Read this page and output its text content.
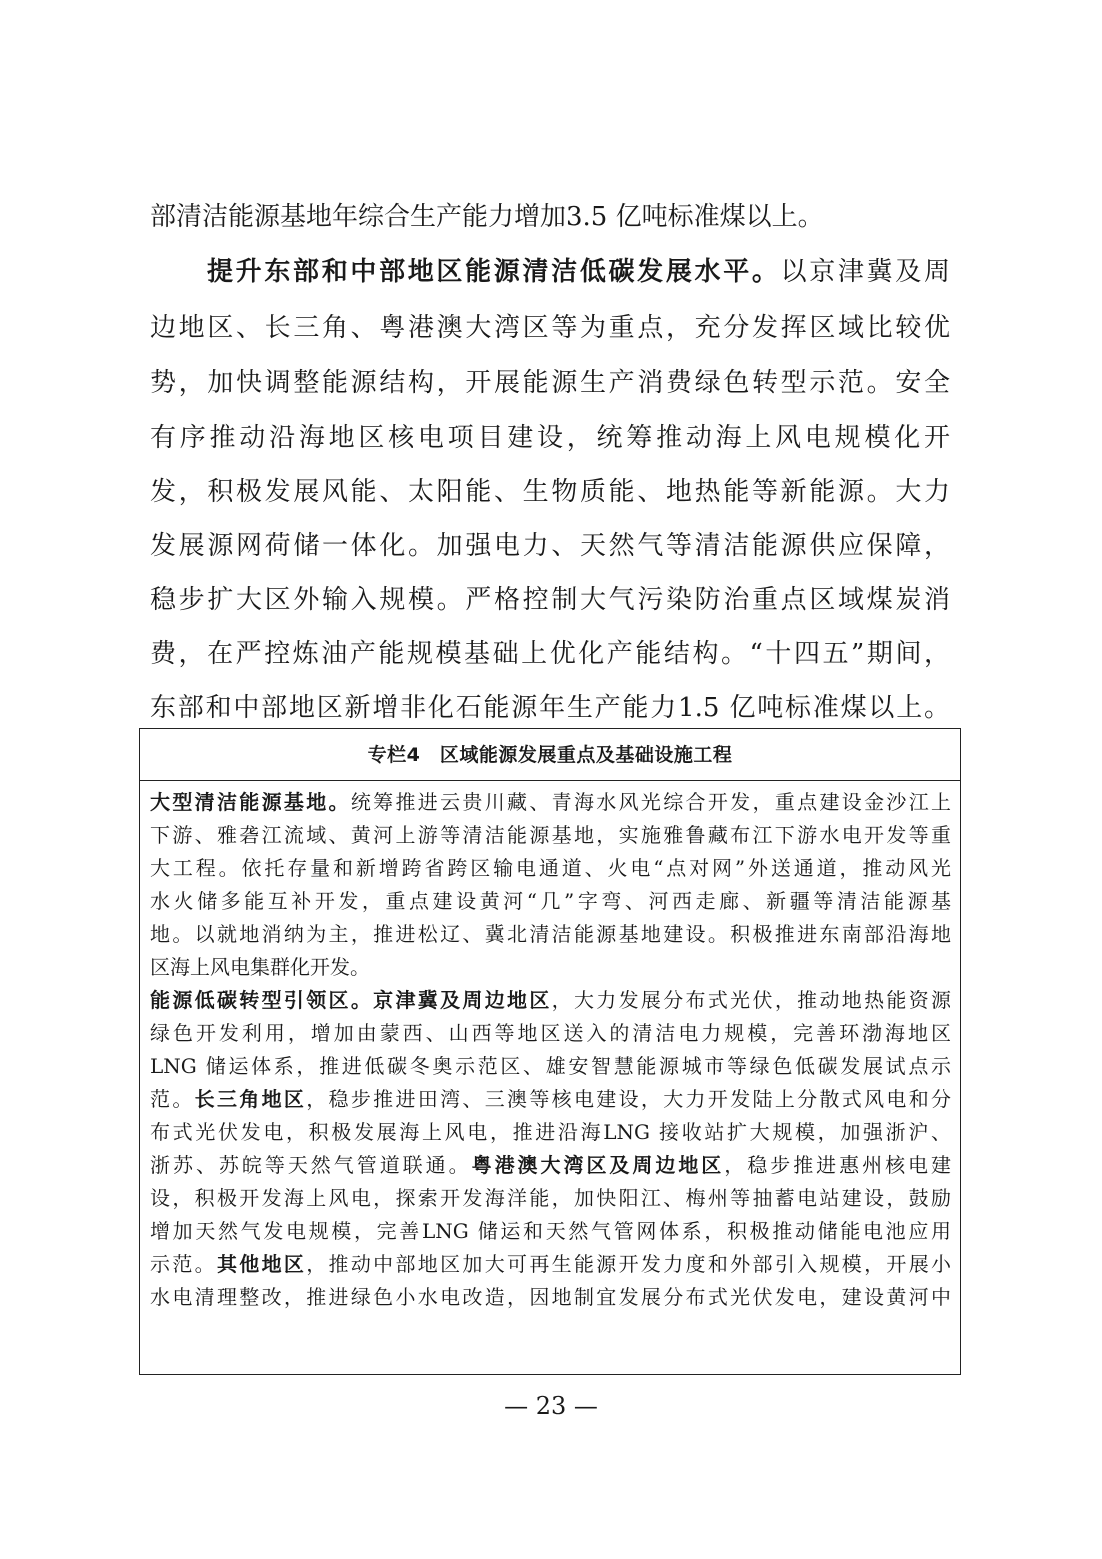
部清洁能源基地年综合生产能力增加3.5 亿吨标准煤以上。
提升东部和中部地区能源清洁低碳发展水平。以京津冀及周
边地区、长三角、粤港澳大湾区等为重点，充分发挥区域比较优
势，加快调整能源结构，开展能源生产消费绿色转型示范。安全
有序推动沿海地区核电项目建设，统筹推动海上风电规模化开
发，积极发展风能、太阳能、生物质能、地热能等新能源。大力
发展源网荷储一体化。加强电力、天然气等清洁能源供应保障，
稳步扩大区外输入规模。严格控制大气污染防治重点区域煤炭消
费，在严控炼油产能规模基础上优化产能结构。“十四五”期间，
东部和中部地区新增非化石能源年生产能力1.5 亿吨标准煤以上。
专栏4　区域能源发展重点及基础设施工程
大型清洁能源基地。统筹推进云贵川藏、青海水风光综合开发，重点建设金沙江上
下游、雅砻江流域、黄河上游等清洁能源基地，实施雅鲁藏布江下游水电开发等重
大工程。依托存量和新增跨省跨区输电通道、火电“点对网”外送通道，推动风光
水火储多能互补开发，重点建设黄河“几”字弯、河西走廊、新疆等清洁能源基
地。以就地消纳为主，推进松辽、冀北清洁能源基地建设。积极推进东南部沿海地
区海上风电集群化开发。
能源低碳转型引领区。京津冀及周边地区，大力发展分布式光伏，推动地热能资源
绿色开发利用，增加由蒙西、山西等地区送入的清洁电力规模，完善环渤海地区
LNG 储运体系，推进低碳冬奥示范区、雄安智慧能源城市等绿色低碳发展试点示
范。长三角地区，稳步推进田湾、三澳等核电建设，大力开发陆上分散式风电和分
布式光伏发电，积极发展海上风电，推进沿海LNG 接收站扩大规模，加强浙沪、
浙苏、苏皖等天然气管道联通。粤港澳大湾区及周边地区，稳步推进惠州核电建
设，积极开发海上风电，探索开发海洋能，加快阳江、梅州等抽蓄电站建设，鼓励
增加天然气发电规模，完善LNG 储运和天然气管网体系，积极推动储能电池应用
示范。其他地区，推动中部地区加大可再生能源开发力度和外部引入规模，开展小
水电清理整改，推进绿色小水电改造，因地制宜发展分布式光伏发电，建设黄河中
— 23 —
